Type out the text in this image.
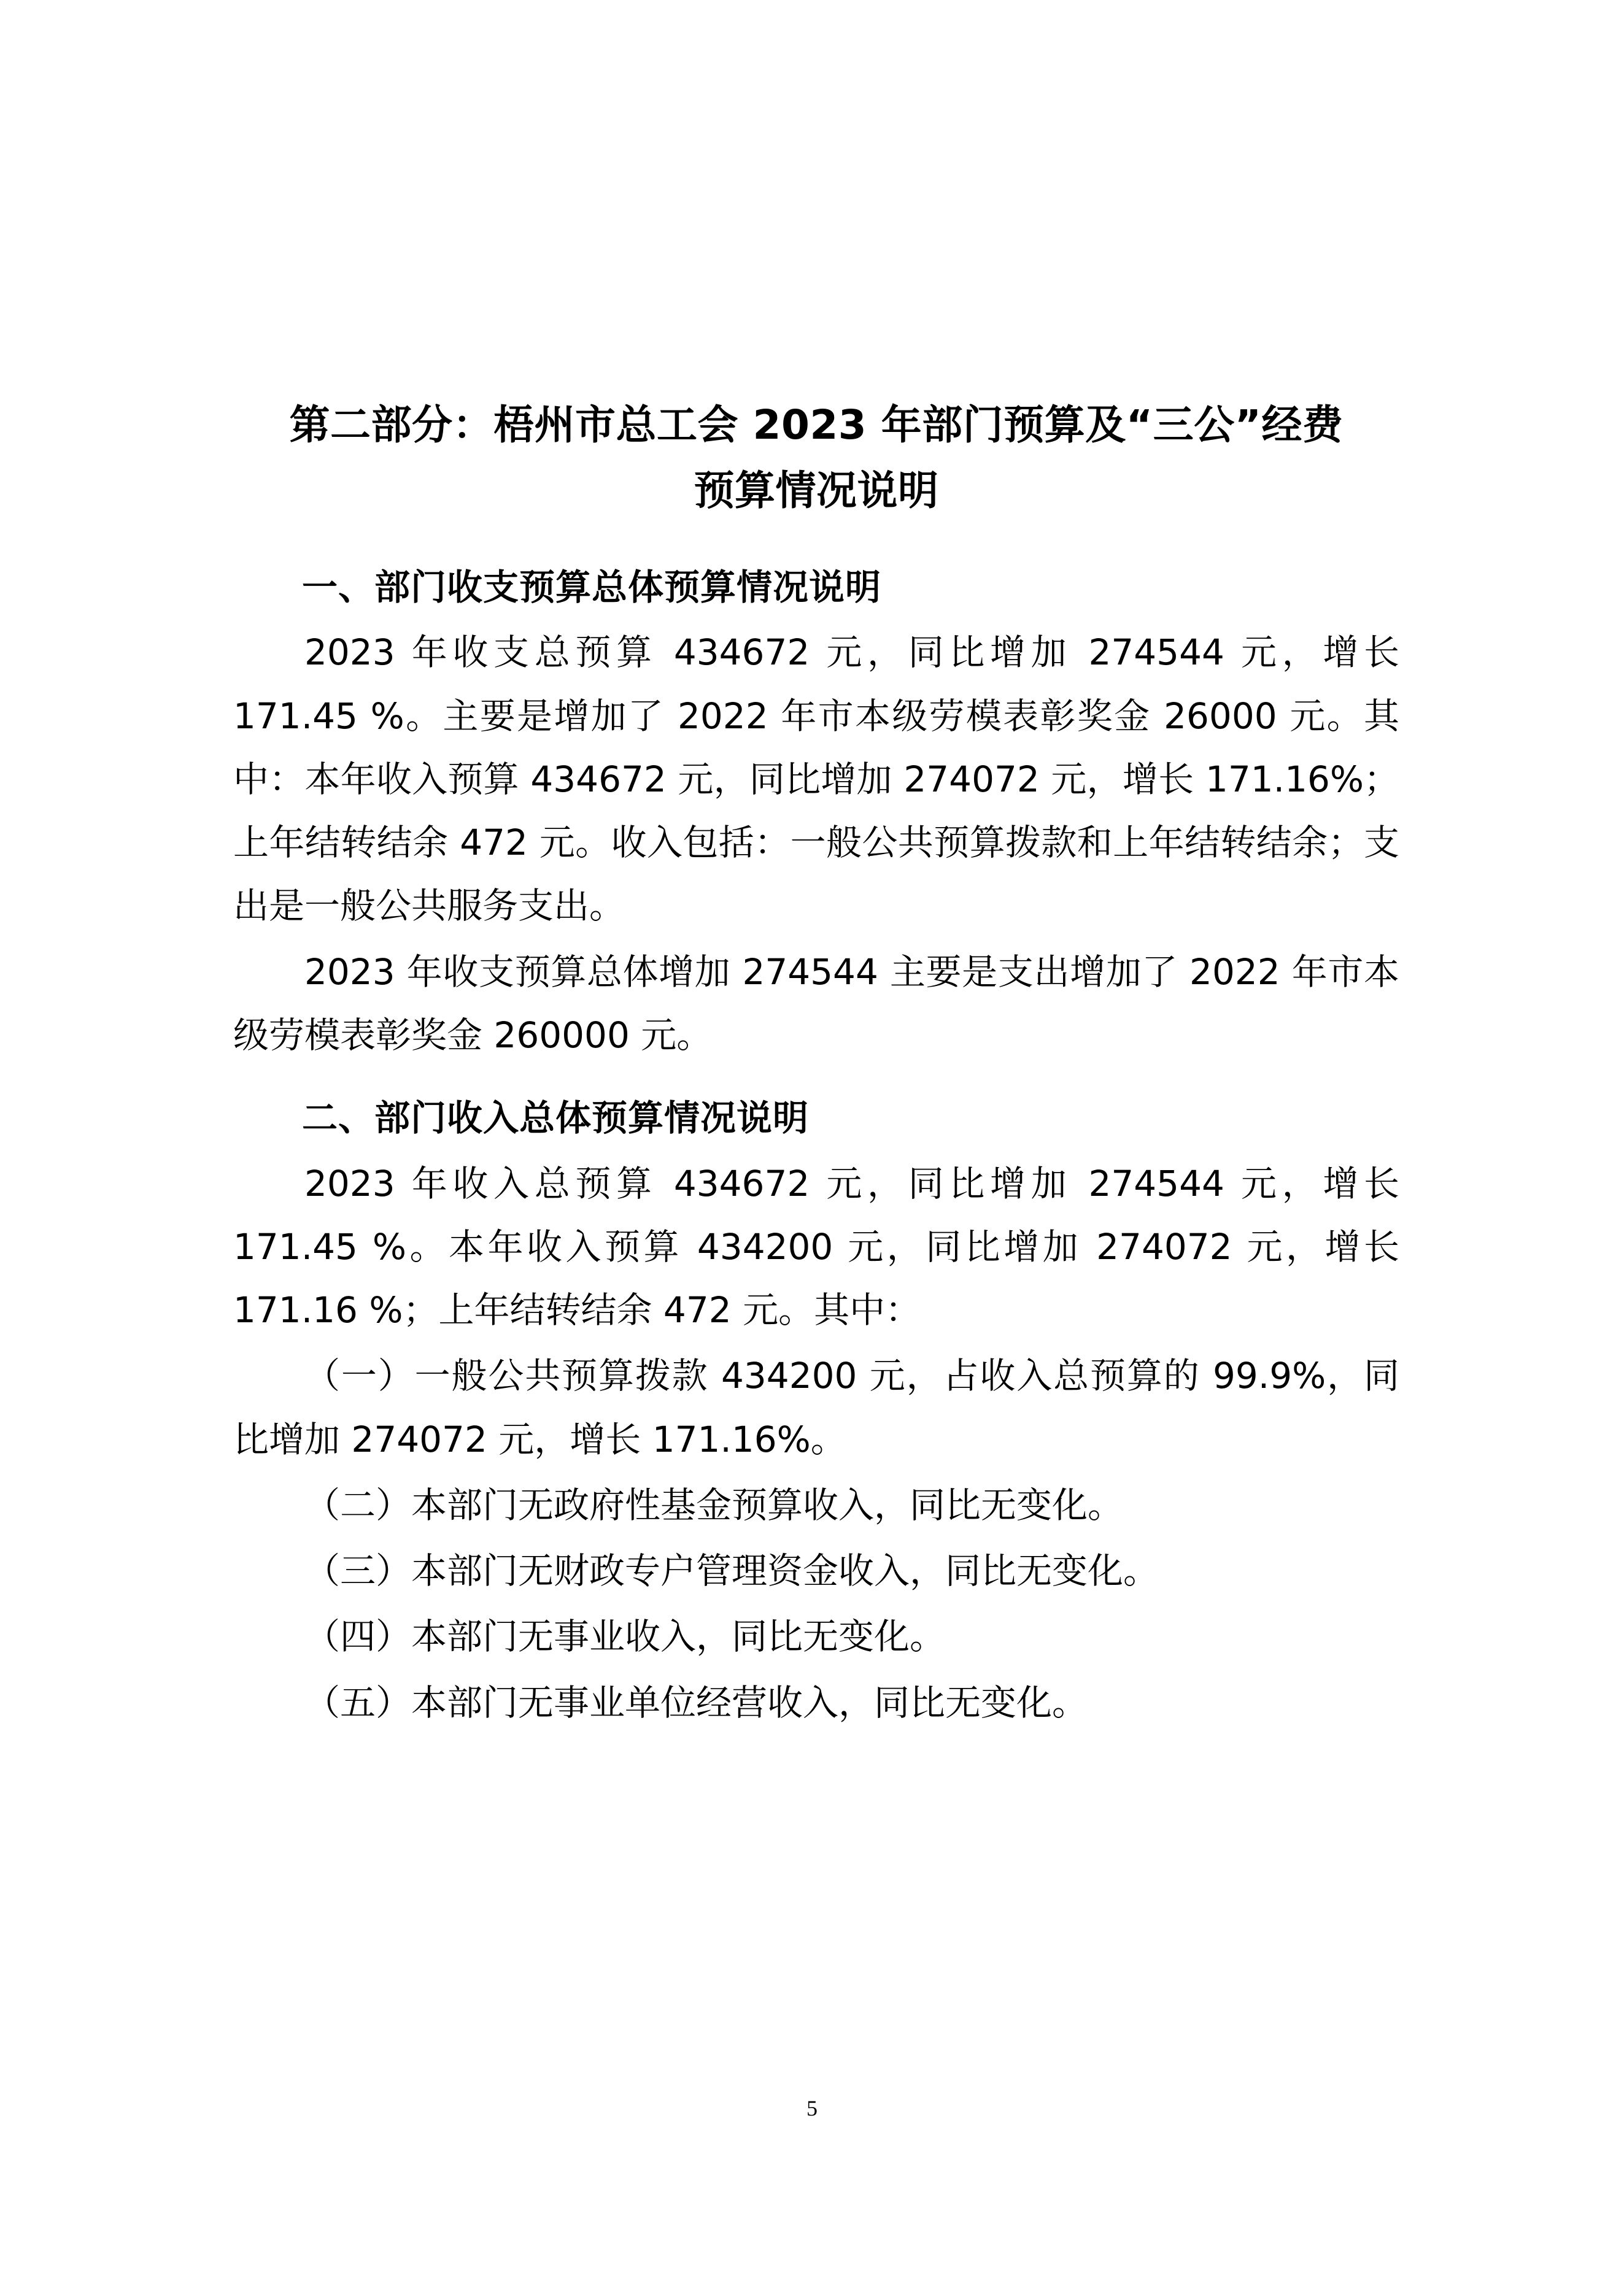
第二部分：梧州市总工会 2023 年部门预算及“三公”经费预算情况说明
一、部门收支预算总体预算情况说明

2023 年收支总预算 434672 元，同比增加 274544 元，增长 171.45 %。主要是增加了 2022 年市本级劳模表彰奖金 26000 元。其中：本年收入预算 434672 元，同比增加 274072 元，增长 171.16%；上年结转结余 472 元。收入包括：一般公共预算拨款和上年结转结余；支出是一般公共服务支出。

2023 年收支预算总体增加 274544 主要是支出增加了 2022 年市本级劳模表彰奖金 260000 元。

二、部门收入总体预算情况说明

2023 年收入总预算 434672 元，同比增加 274544 元，增长 171.45 %。本年收入预算 434200 元，同比增加 274072 元，增长 171.16 %；上年结转结余 472 元。其中：

（一）一般公共预算拨款 434200 元，占收入总预算的 99.9%，同比增加 274072 元，增长 171.16%。

（二）本部门无政府性基金预算收入，同比无变化。

（三）本部门无财政专户管理资金收入，同比无变化。

（四）本部门无事业收入，同比无变化。

（五）本部门无事业单位经营收入，同比无变化。

5
